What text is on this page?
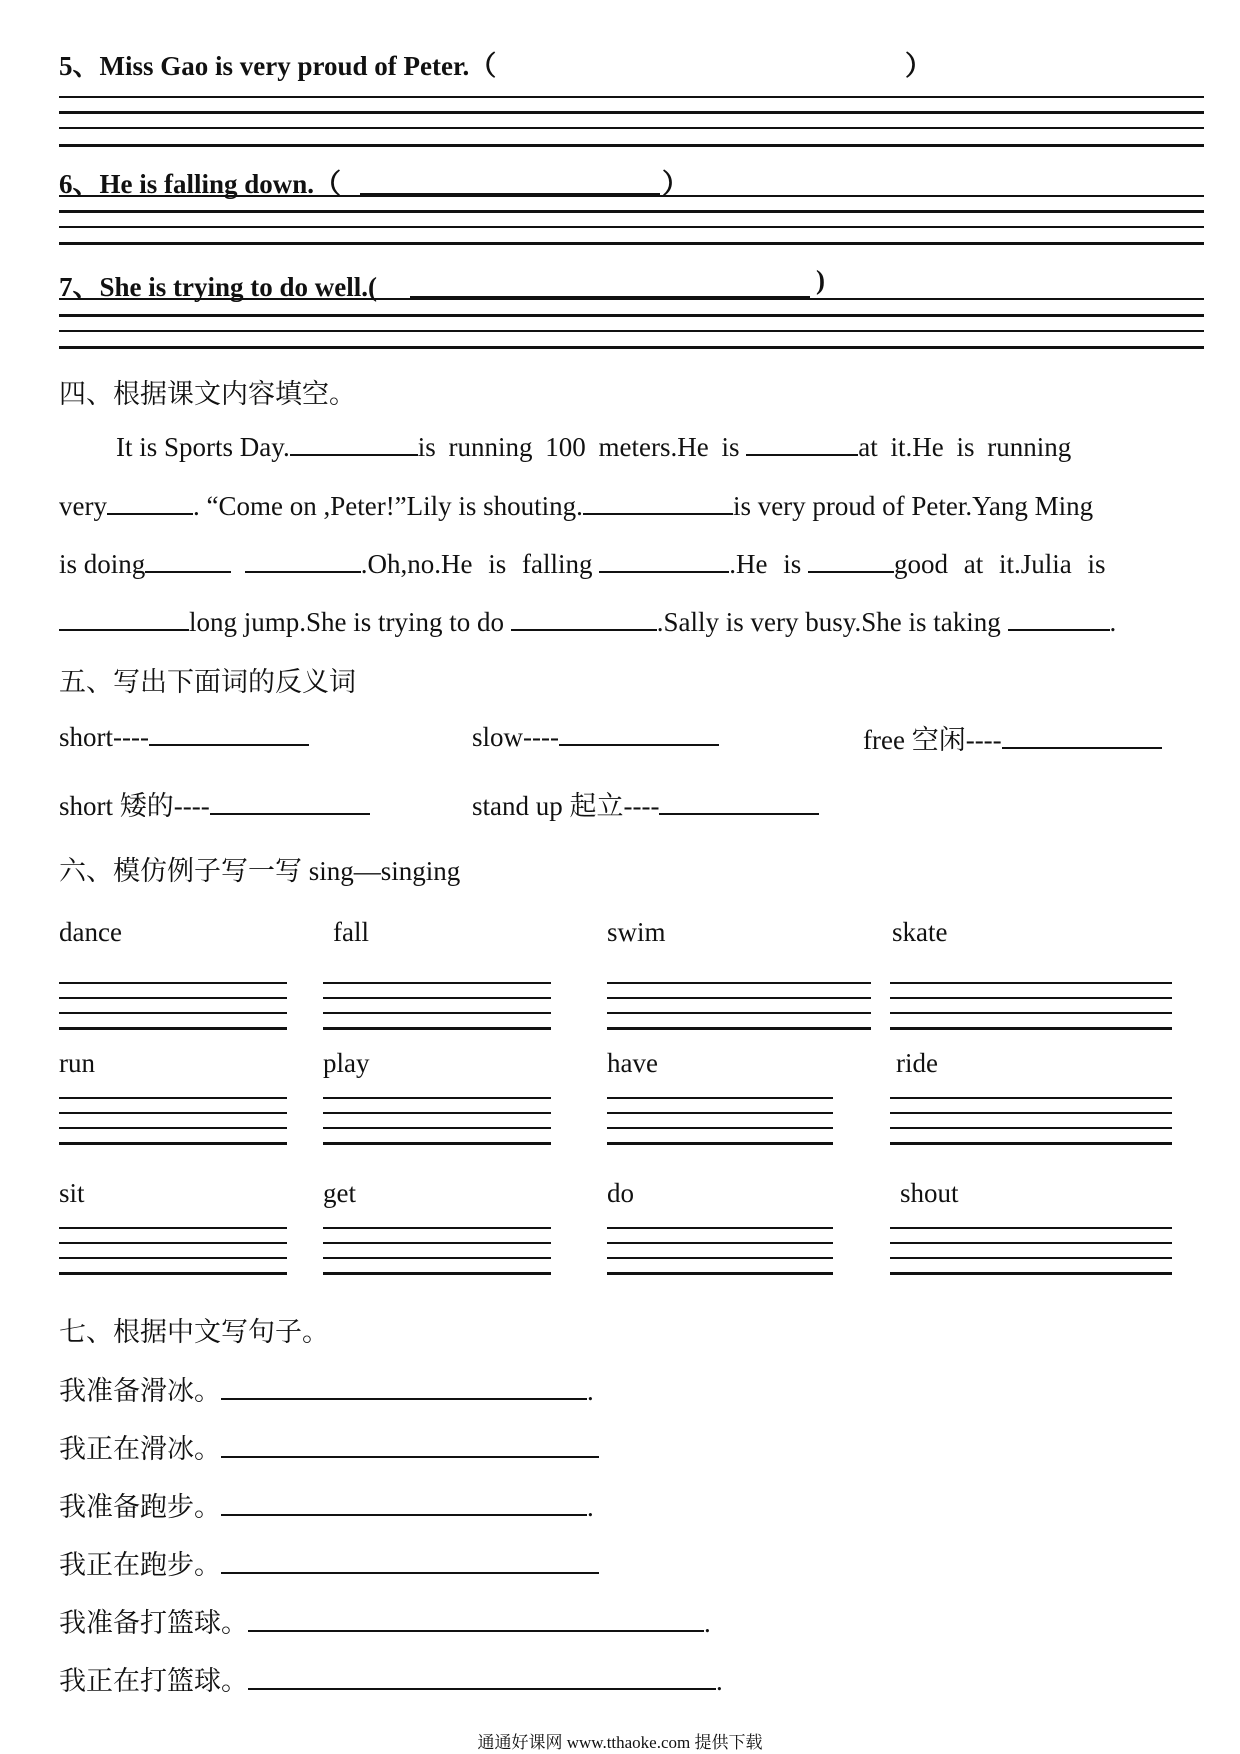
5、Miss Gao is very proud of Peter.（	）
6、He is falling down.（	）
7、She is trying to do well.(	)
四、根据课文内容填空。
It is Sports Day.	is running 100 meters.He is	at it.He is running
very	. “Come on ,Peter!”Lily is shouting.	is very proud of Peter.Yang Ming
is doing	.Oh,no.He is falling	.He is	good at it.Julia is
long jump.She is trying to do	.Sally is very busy.She is taking	.
五、写出下面词的反义词
short----	slow----	free 空闲----
short 矮的----	stand up 起立----
六、模仿例子写一写 sing—singing
dance	fall	swim	skate
run	play	have	ride
sit	get	do	shout
七、根据中文写句子。
我准备滑冰。	.
我正在滑冰。
我准备跑步。	.
我正在跑步。
我准备打篮球。	.
我正在打篮球。	.
通通好课网 www.tthaoke.com 提供下载
